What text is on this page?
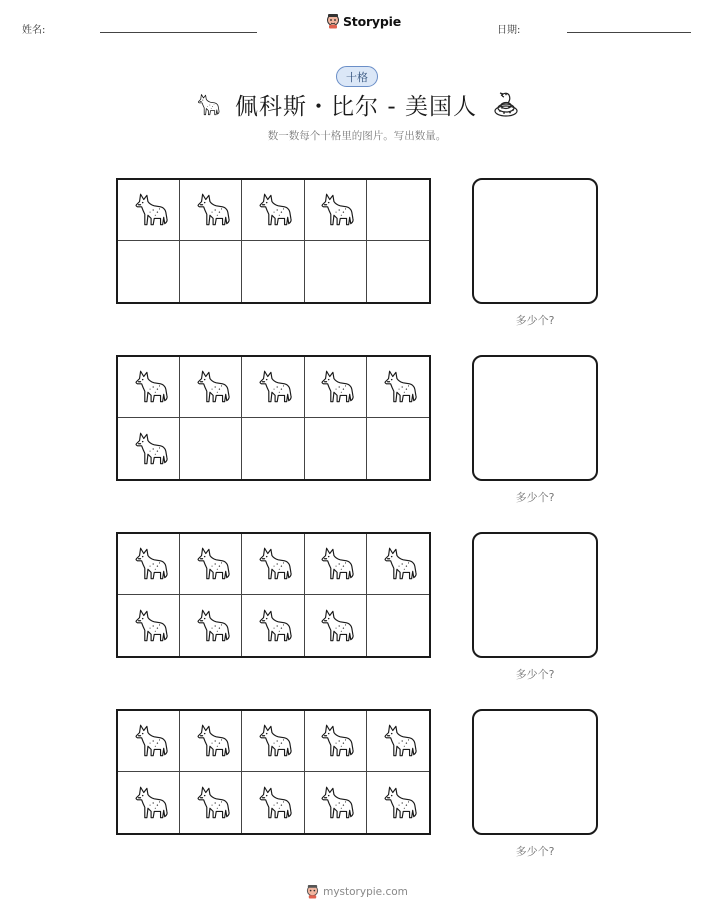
姓名:
Storypie
日期:
十格
佩科斯・比尔 - 美国人
数一数每个十格里的图片。写出数量。
多少个?
多少个?
多少个?
多少个?
mystorypie.com
